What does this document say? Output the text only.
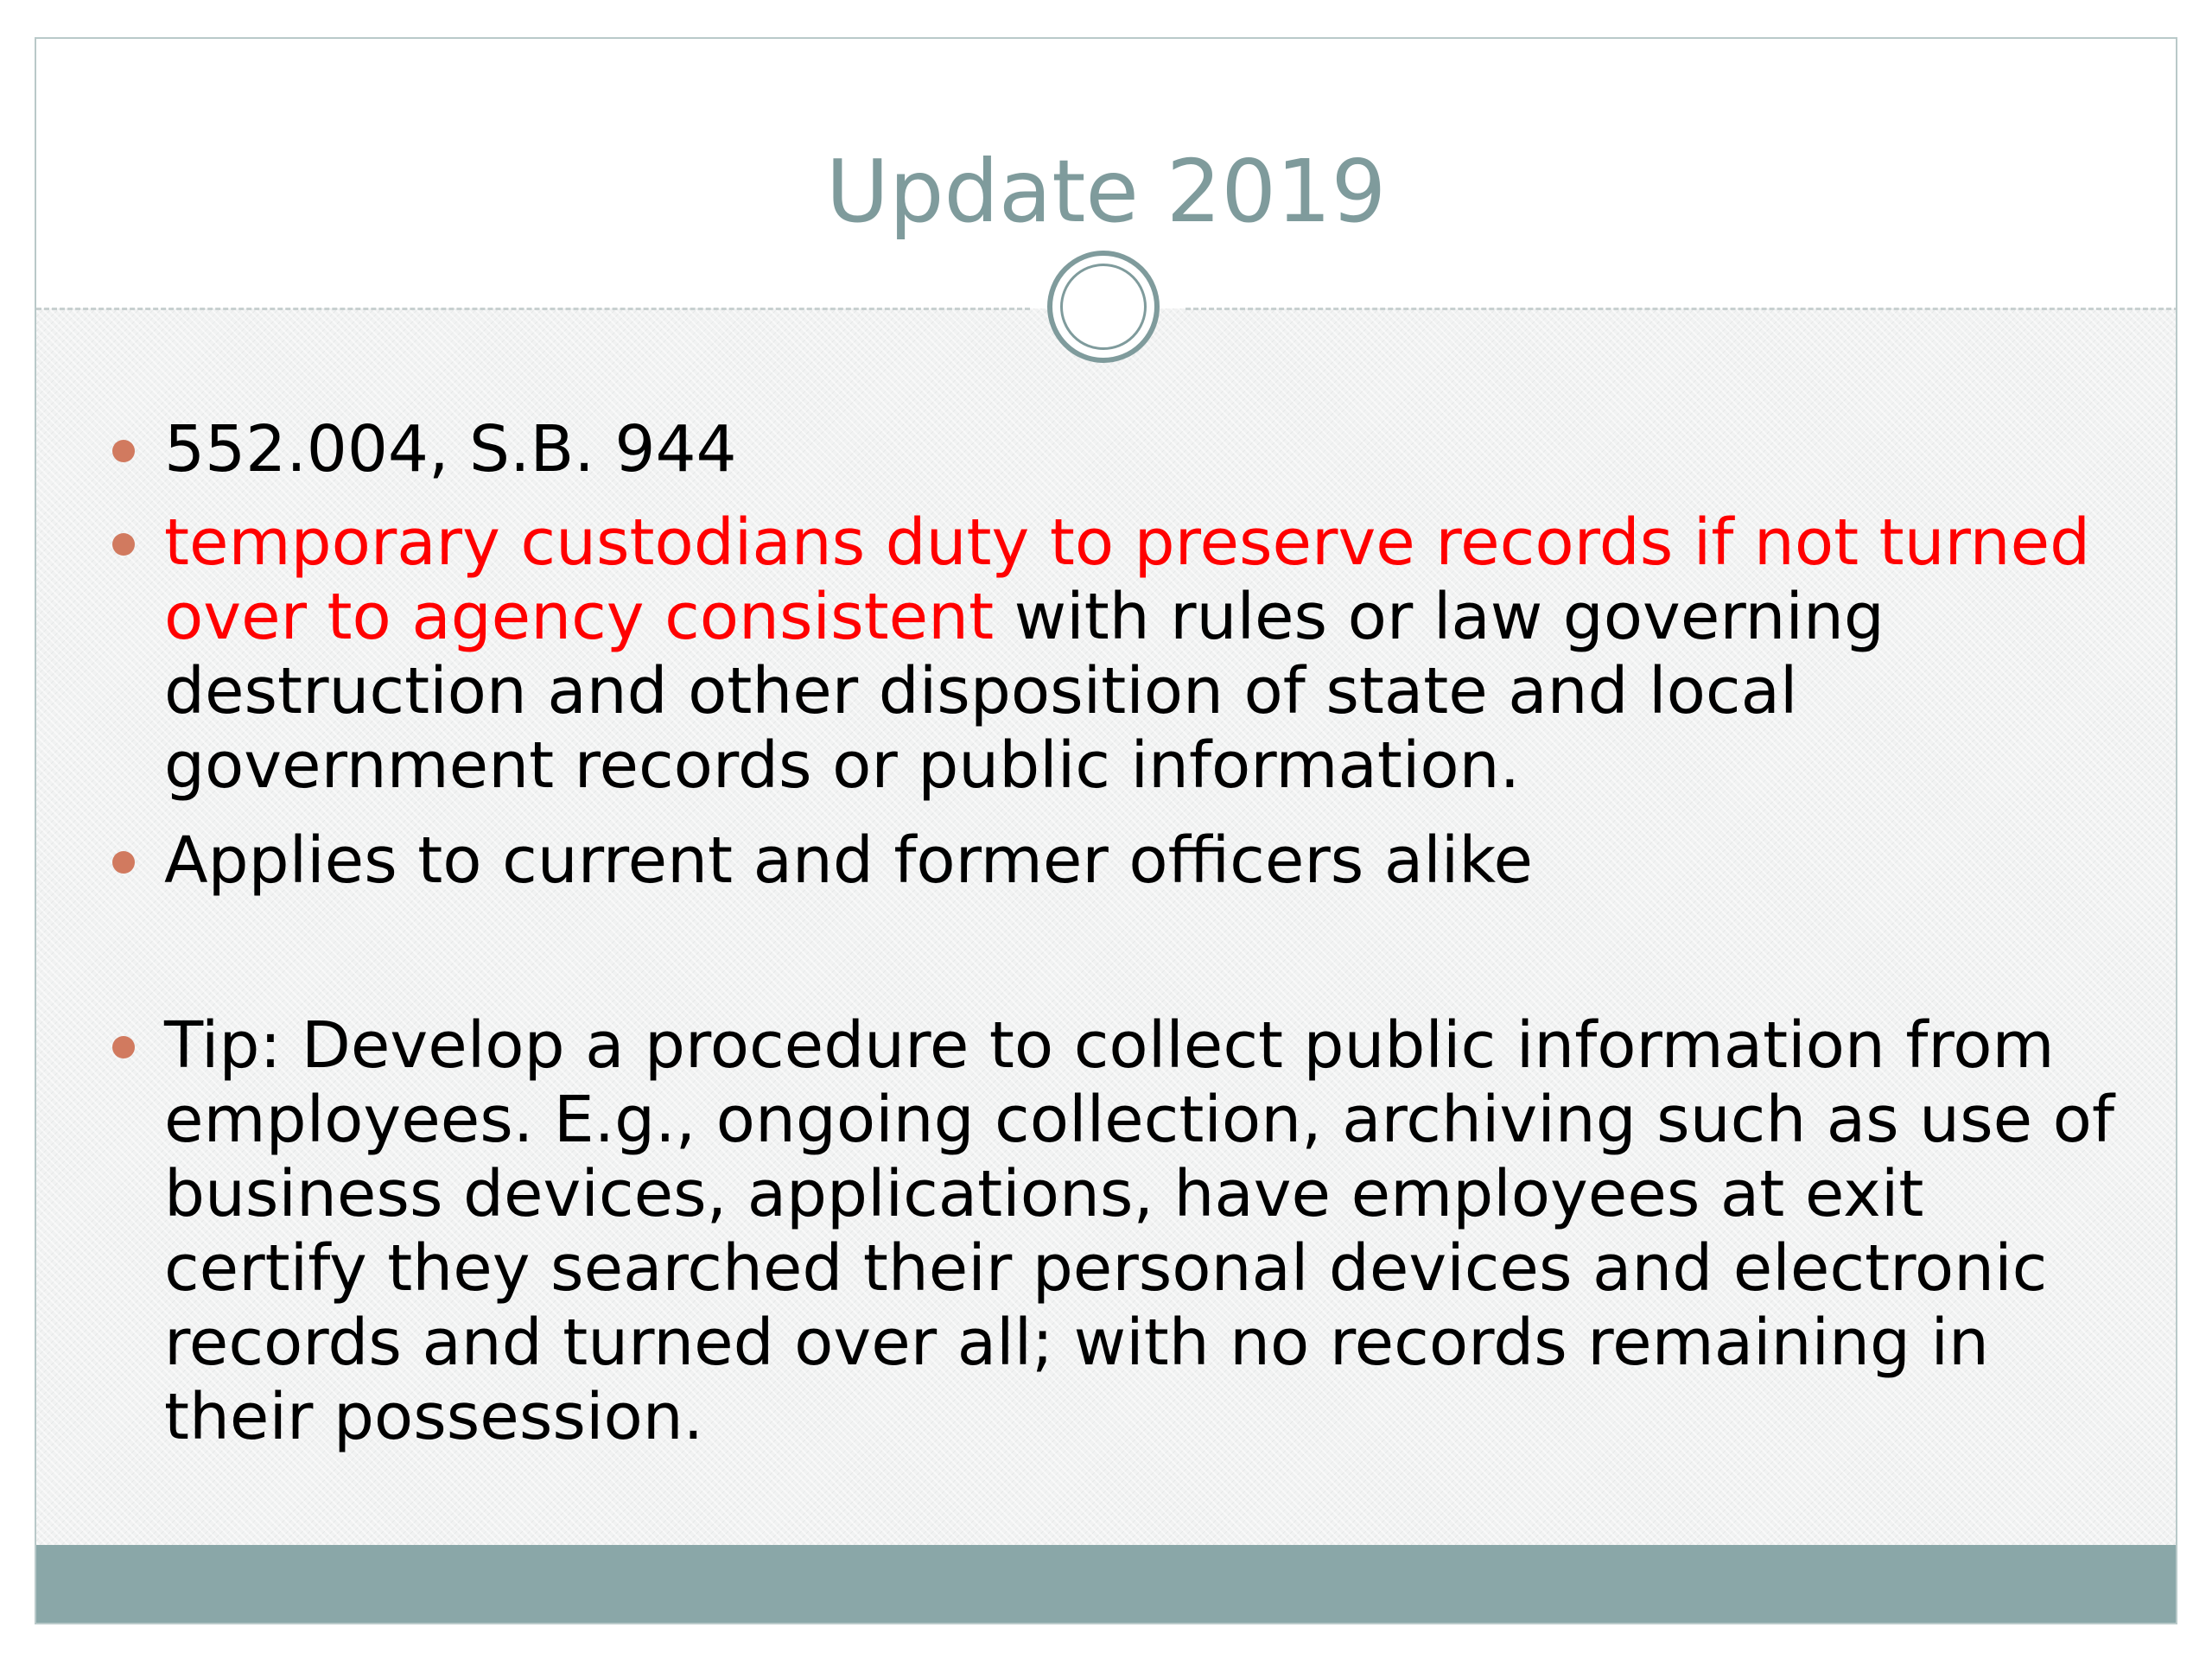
Update 2019
552.004, S.B. 944
temporary custodians duty to preserve records if not turned over to agency consistent with rules or law governing destruction and other disposition of state and local government records or public information.
Applies to current and former officers alike
Tip: Develop a procedure to collect public information from employees. E.g., ongoing collection, archiving such as use of business devices, applications, have employees at exit certify they searched their personal devices and electronic records and turned over all; with no records remaining in their possession.
